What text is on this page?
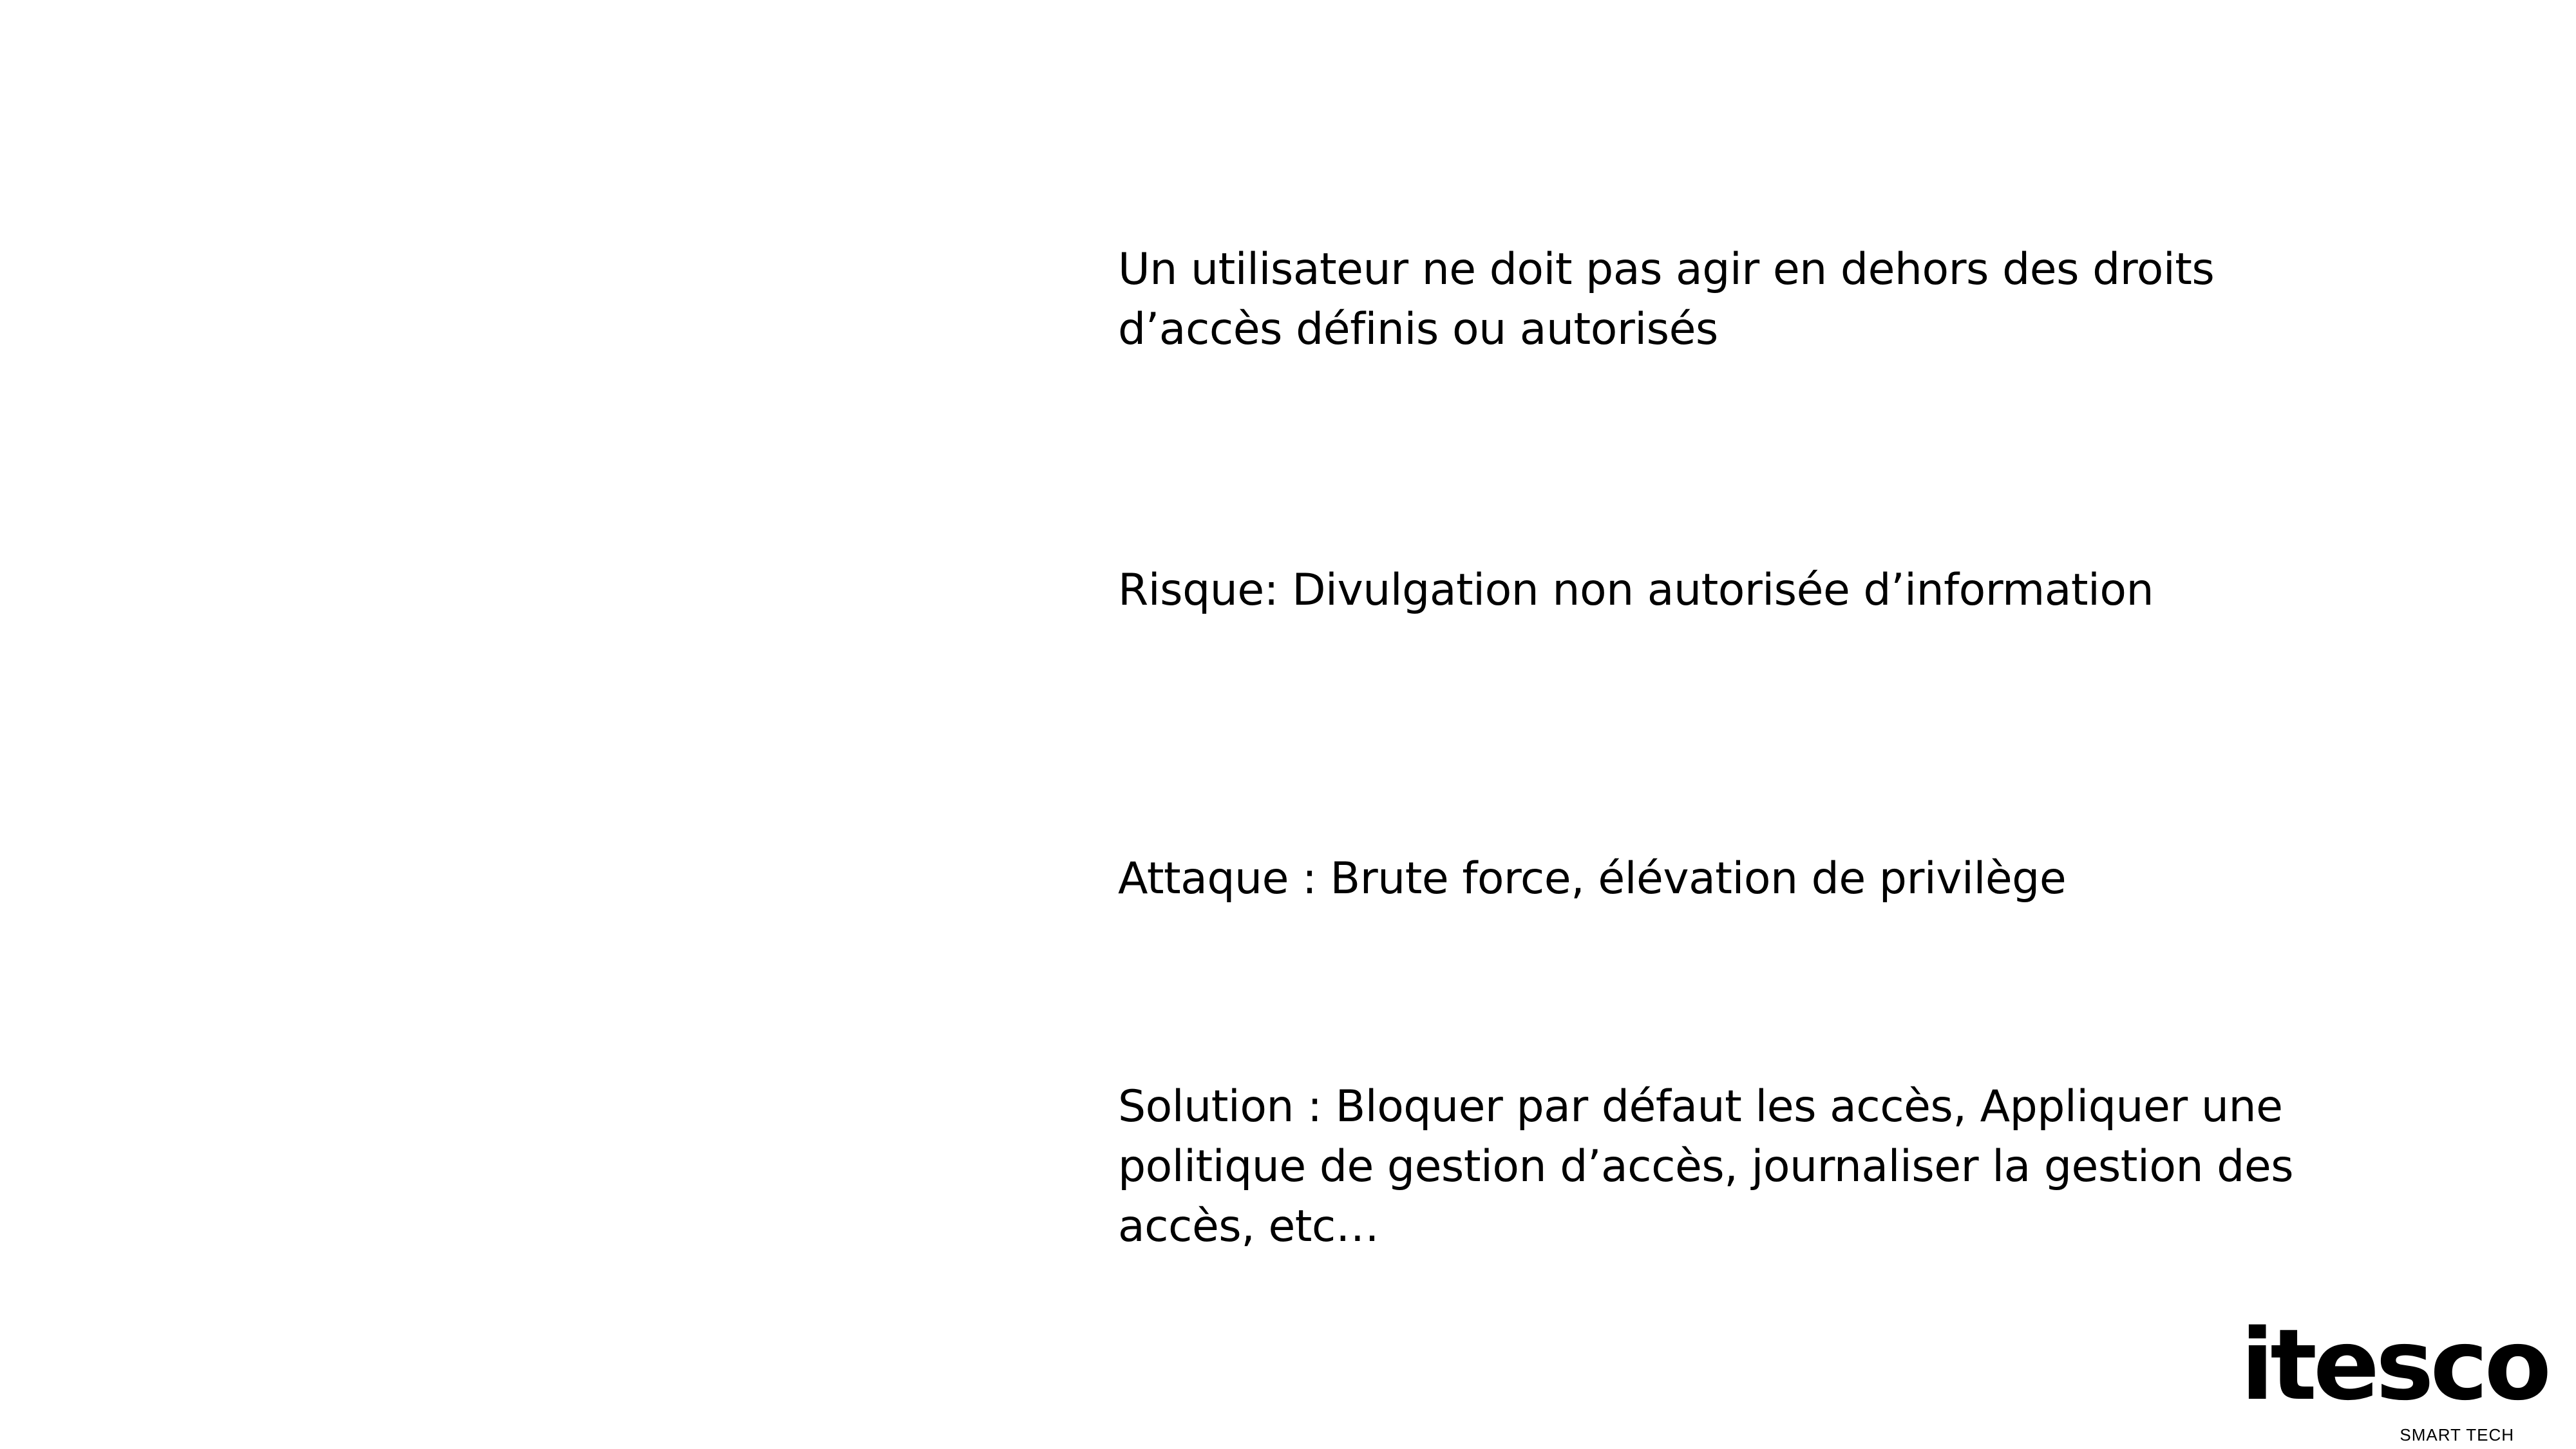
Un utilisateur ne doit pas agir en dehors des droits d’accès définis ou autorisés
Risque: Divulgation non autorisée d’information
Attaque : Brute force, élévation de privilège
Solution : Bloquer par défaut les accès, Appliquer une politique de gestion d’accès, journaliser la gestion des accès, etc…
itesco
SMART TECH
